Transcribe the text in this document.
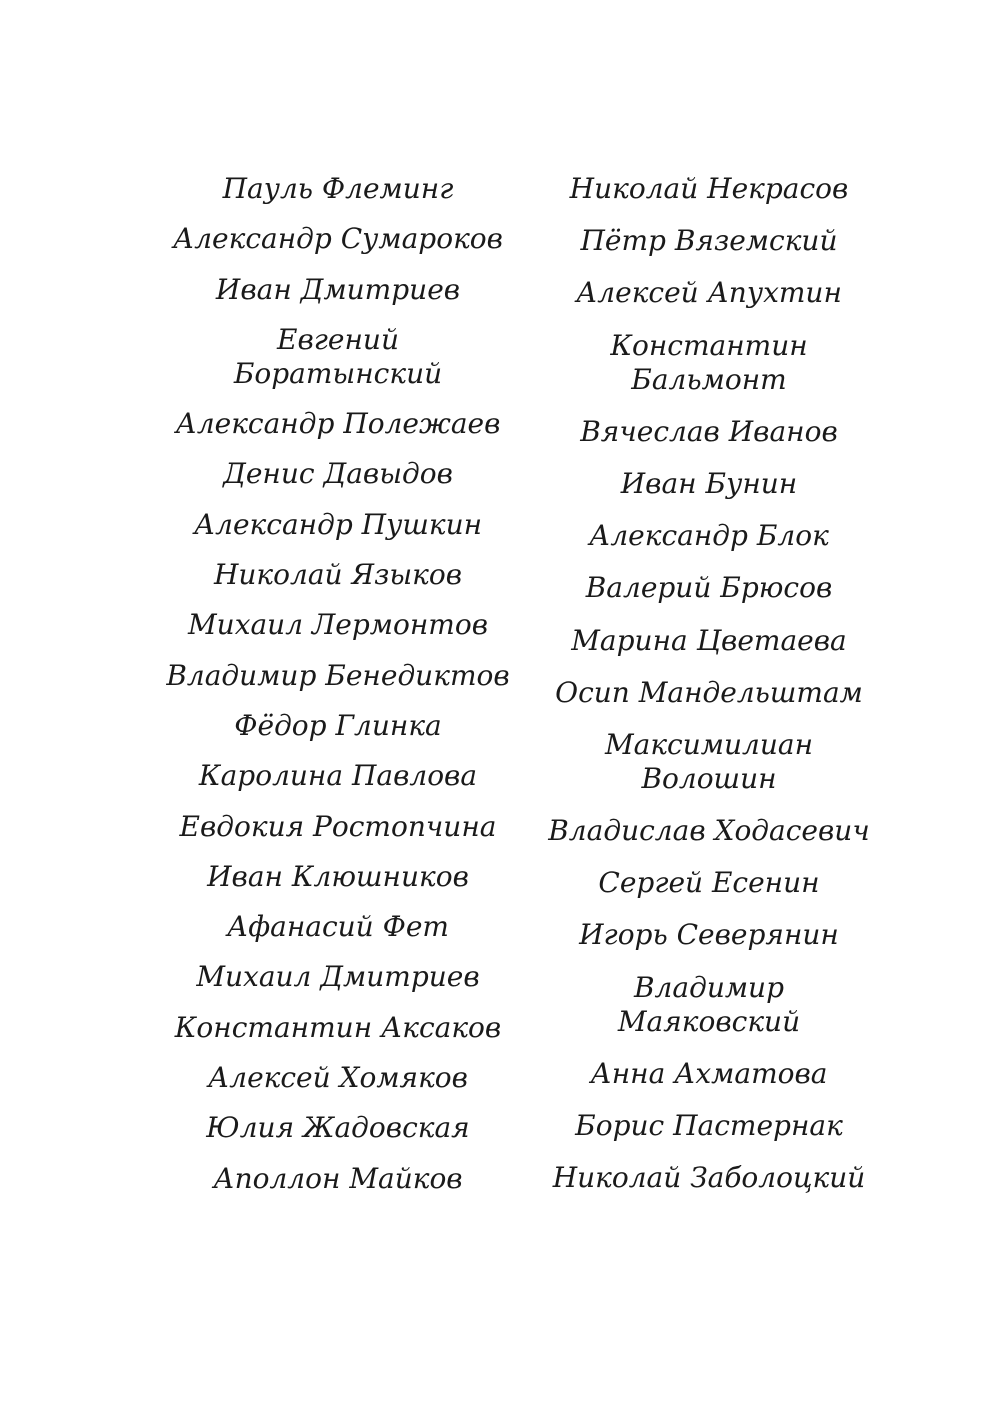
Пауль Флеминг
Александр Сумароков
Иван Дмитриев
Евгений Боратынский
Александр Полежаев
Денис Давыдов
Александр Пушкин
Николай Языков
Михаил Лермонтов
Владимир Бенедиктов
Фёдор Глинка
Каролина Павлова
Евдокия Ростопчина
Иван Клюшников
Афанасий Фет
Михаил Дмитриев
Константин Аксаков
Алексей Хомяков
Юлия Жадовская
Аполлон Майков
Николай Некрасов
Пётр Вяземский
Алексей Апухтин
Константин Бальмонт
Вячеслав Иванов
Иван Бунин
Александр Блок
Валерий Брюсов
Марина Цветаева
Осип Мандельштам
Максимилиан Волошин
Владислав Ходасевич
Сергей Есенин
Игорь Северянин
Владимир Маяковский
Анна Ахматова
Борис Пастернак
Николай Заболоцкий
